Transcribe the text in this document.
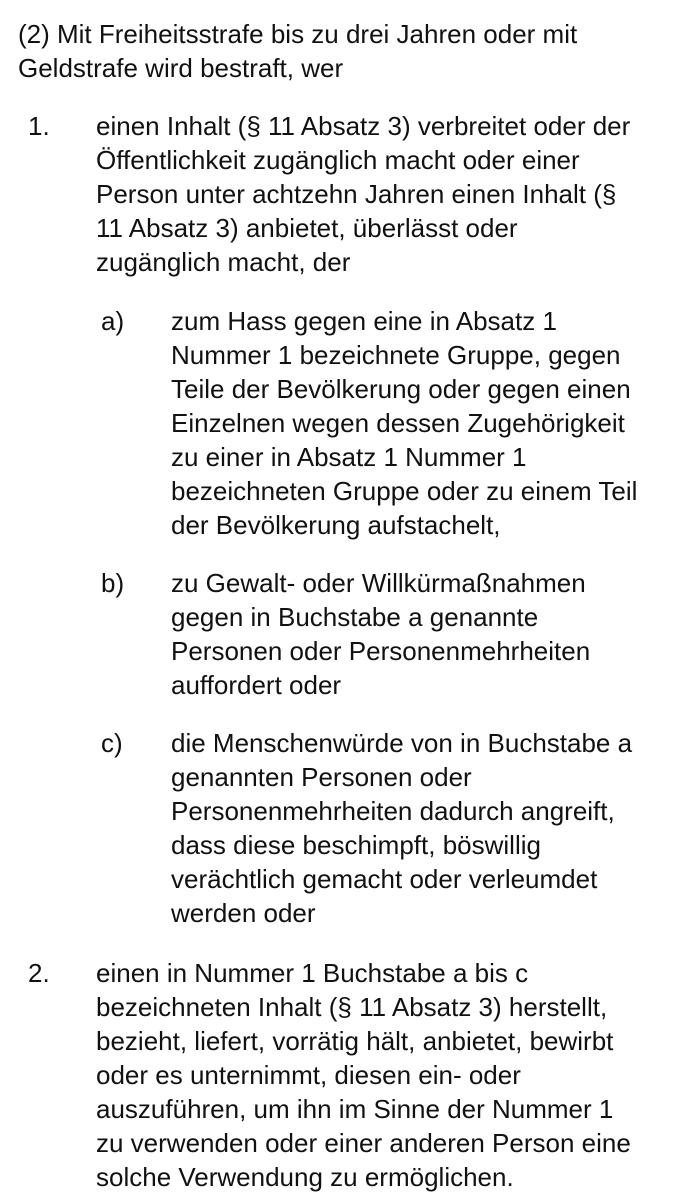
(2) Mit Freiheitsstrafe bis zu drei Jahren oder mit
Geldstrafe wird bestraft, wer
1. einen Inhalt (§ 11 Absatz 3) verbreitet oder der
Öffentlichkeit zugänglich macht oder einer
Person unter achtzehn Jahren einen Inhalt (§
11 Absatz 3) anbietet, überlässt oder
zugänglich macht, der
a) zum Hass gegen eine in Absatz 1
Nummer 1 bezeichnete Gruppe, gegen
Teile der Bevölkerung oder gegen einen
Einzelnen wegen dessen Zugehörigkeit
zu einer in Absatz 1 Nummer 1
bezeichneten Gruppe oder zu einem Teil
der Bevölkerung aufstachelt,
b) zu Gewalt- oder Willkürmaßnahmen
gegen in Buchstabe a genannte
Personen oder Personenmehrheiten
auffordert oder
c) die Menschenwürde von in Buchstabe a
genannten Personen oder
Personenmehrheiten dadurch angreift,
dass diese beschimpft, böswillig
verächtlich gemacht oder verleumdet
werden oder
2. einen in Nummer 1 Buchstabe a bis c
bezeichneten Inhalt (§ 11 Absatz 3) herstellt,
bezieht, liefert, vorrätig hält, anbietet, bewirbt
oder es unternimmt, diesen ein- oder
auszuführen, um ihn im Sinne der Nummer 1
zu verwenden oder einer anderen Person eine
solche Verwendung zu ermöglichen.
